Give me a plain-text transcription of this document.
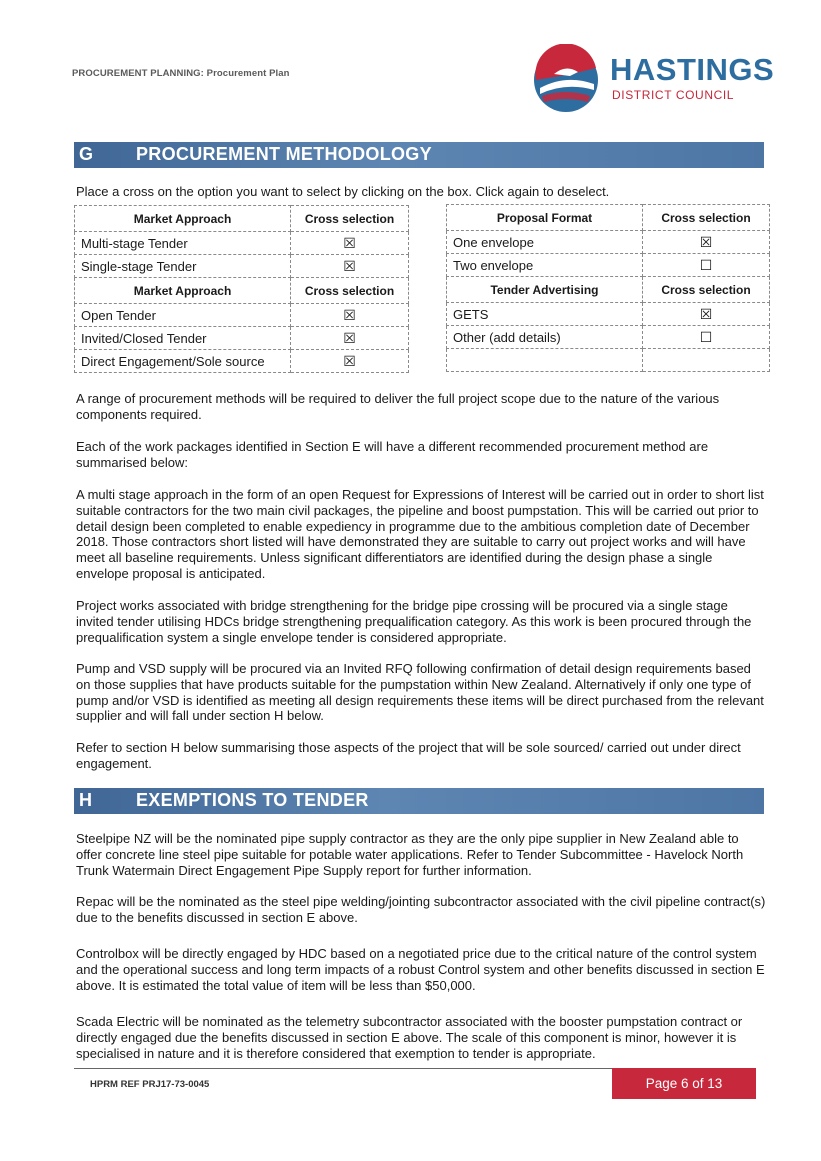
PROCUREMENT PLANNING: Procurement Plan	HASTINGS
DISTRICT COUNCIL
G PROCUREMENT METHODOLOGY
Place a cross on the option you want to select by clicking on the box. Click again to deselect.
Market Approach	Cross selection
Multi-stage Tender	☒
Single-stage Tender	☒
Market Approach	Cross selection
Open Tender	☒
Invited/Closed Tender	☒
Direct Engagement/Sole source	☒
Proposal Format	Cross selection
One envelope	☒
Two envelope	☐
Tender Advertising	Cross selection
GETS	☒
Other (add details)	☐

A range of procurement methods will be required to deliver the full project scope due to the nature of the various components required.

Each of the work packages identified in Section E will have a different recommended procurement method are summarised below:

A multi stage approach in the form of an open Request for Expressions of Interest will be carried out in order to short list suitable contractors for the two main civil packages, the pipeline and boost pumpstation. This will be carried out prior to detail design been completed to enable expediency in programme due to the ambitious completion date of December 2018. Those contractors short listed will have demonstrated they are suitable to carry out project works and will have meet all baseline requirements. Unless significant differentiators are identified during the design phase a single envelope proposal is anticipated.

Project works associated with bridge strengthening for the bridge pipe crossing will be procured via a single stage invited tender utilising HDCs bridge strengthening prequalification category. As this work is been procured through the prequalification system a single envelope tender is considered appropriate.

Pump and VSD supply will be procured via an Invited RFQ following confirmation of detail design requirements based on those supplies that have products suitable for the pumpstation within New Zealand. Alternatively if only one type of pump and/or VSD is identified as meeting all design requirements these items will be direct purchased from the relevant supplier and will fall under section H below.

Refer to section H below summarising those aspects of the project that will be sole sourced/ carried out under direct engagement.

H EXEMPTIONS TO TENDER

Steelpipe NZ will be the nominated pipe supply contractor as they are the only pipe supplier in New Zealand able to offer concrete line steel pipe suitable for potable water applications. Refer to Tender Subcommittee - Havelock North Trunk Watermain Direct Engagement Pipe Supply report for further information.

Repac will be the nominated as the steel pipe welding/jointing subcontractor associated with the civil pipeline contract(s) due to the benefits discussed in section E above.

Controlbox will be directly engaged by HDC based on a negotiated price due to the critical nature of the control system and the operational success and long term impacts of a robust Control system and other benefits discussed in section E above. It is estimated the total value of item will be less than $50,000.

Scada Electric will be nominated as the telemetry subcontractor associated with the booster pumpstation contract or directly engaged due the benefits discussed in section E above. The scale of this component is minor, however it is specialised in nature and it is therefore considered that exemption to tender is appropriate.

HPRM REF PRJ17-73-0045	Page 6 of 13
